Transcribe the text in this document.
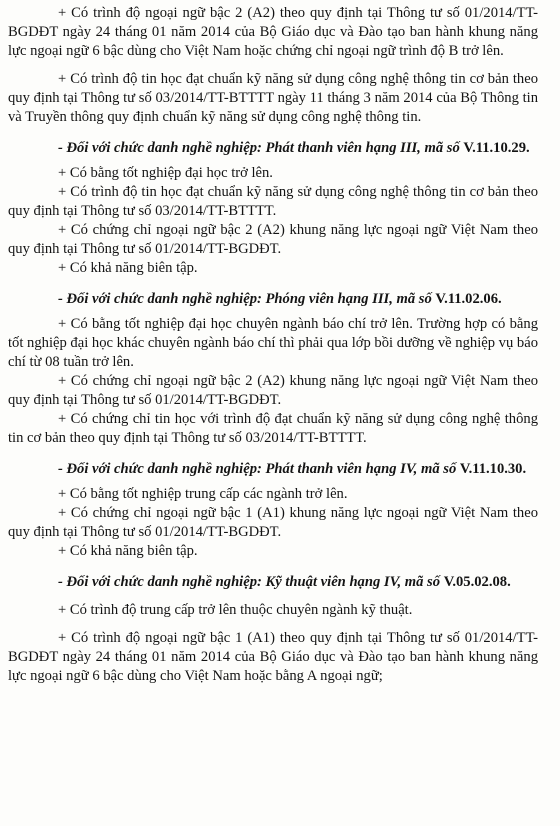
+ Có trình độ ngoại ngữ bậc 2 (A2) theo quy định tại Thông tư số 01/2014/TT-BGDĐT ngày 24 tháng 01 năm 2014 của Bộ Giáo dục và Đào tạo ban hành khung năng lực ngoại ngữ 6 bậc dùng cho Việt Nam hoặc chứng chỉ ngoại ngữ trình độ B trở lên.

+ Có trình độ tin học đạt chuẩn kỹ năng sử dụng công nghệ thông tin cơ bản theo quy định tại Thông tư số 03/2014/TT-BTTTT ngày 11 tháng 3 năm 2014 của Bộ Thông tin và Truyền thông quy định chuẩn kỹ năng sử dụng công nghệ thông tin.

- Đối với chức danh nghề nghiệp: Phát thanh viên hạng III, mã số V.11.10.29.

+ Có bằng tốt nghiệp đại học trở lên.

+ Có trình độ tin học đạt chuẩn kỹ năng sử dụng công nghệ thông tin cơ bản theo quy định tại Thông tư số 03/2014/TT-BTTTT.

+ Có chứng chỉ ngoại ngữ bậc 2 (A2) khung năng lực ngoại ngữ Việt Nam theo quy định tại Thông tư số 01/2014/TT-BGDĐT.

+ Có khả năng biên tập.

- Đối với chức danh nghề nghiệp: Phóng viên hạng III, mã số V.11.02.06.

+ Có bằng tốt nghiệp đại học chuyên ngành báo chí trở lên. Trường hợp có bằng tốt nghiệp đại học khác chuyên ngành báo chí thì phải qua lớp bồi dưỡng về nghiệp vụ báo chí từ 08 tuần trở lên.

+ Có chứng chỉ ngoại ngữ bậc 2 (A2) khung năng lực ngoại ngữ Việt Nam theo quy định tại Thông tư số 01/2014/TT-BGDĐT.

+ Có chứng chỉ tin học với trình độ đạt chuẩn kỹ năng sử dụng công nghệ thông tin cơ bản theo quy định tại Thông tư số 03/2014/TT-BTTTT.

- Đối với chức danh nghề nghiệp: Phát thanh viên hạng IV, mã số V.11.10.30.

+ Có bằng tốt nghiệp trung cấp các ngành trở lên.

+ Có chứng chỉ ngoại ngữ bậc 1 (A1) khung năng lực ngoại ngữ Việt Nam theo quy định tại Thông tư số 01/2014/TT-BGDĐT.

+ Có khả năng biên tập.

- Đối với chức danh nghề nghiệp: Kỹ thuật viên hạng IV, mã số V.05.02.08.

+ Có trình độ trung cấp trở lên thuộc chuyên ngành kỹ thuật.

+ Có trình độ ngoại ngữ bậc 1 (A1) theo quy định tại Thông tư số 01/2014/TT-BGDĐT ngày 24 tháng 01 năm 2014 của Bộ Giáo dục và Đào tạo ban hành khung năng lực ngoại ngữ 6 bậc dùng cho Việt Nam hoặc bằng A ngoại ngữ;
